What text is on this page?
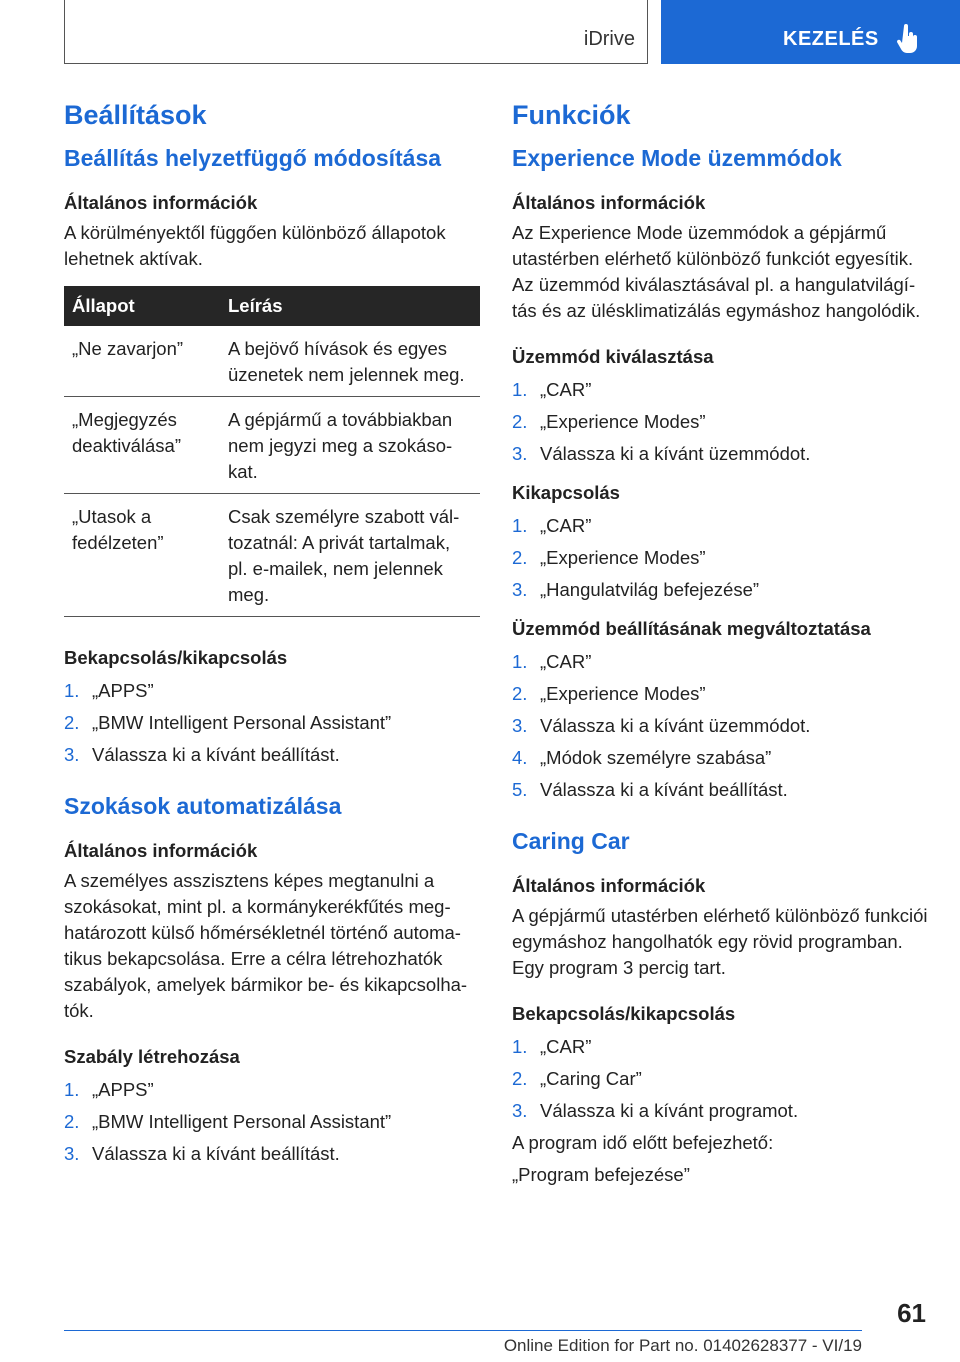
iDrive	KEZELÉS
Beállítások
Beállítás helyzetfüggő módosítása
Általános információk

A körülményektől függően különböző állapotok lehetnek aktívak.

Állapot	Leírás
„Ne zavarjon”	A bejövő hívások és egyes üzenetek nem jelennek meg.
„Megjegyzés deaktiválása”	A gépjármű a továbbiakban nem jegyzi meg a szokásokat.
„Utasok a fedélzeten”	Csak személyre szabott változatnál: A privát tartalmak, pl. e-mailek, nem jelennek meg.
Bekapcsolás/kikapcsolás
1. „APPS”
2. „BMW Intelligent Personal Assistant”
3. Válassza ki a kívánt beállítást.
Szokások automatizálása
Általános információk

A személyes asszisztens képes megtanulni a szokásokat, mint pl. a kormánykerékfűtés meghatározott külső hőmérsékletnél történő automatikus bekapcsolása. Erre a célra létrehozhatók szabályok, amelyek bármikor be- és kikapcsolhatók.

Szabály létrehozása
1. „APPS”
2. „BMW Intelligent Personal Assistant”
3. Válassza ki a kívánt beállítást.
Funkciók
Experience Mode üzemmódok
Általános információk

Az Experience Mode üzemmódok a gépjármű utastérben elérhető különböző funkciót egyesítik. Az üzemmód kiválasztásával pl. a hangulatvilágítás és az ülésklimatizálás egymáshoz hangolódik.

Üzemmód kiválasztása
1. „CAR”
2. „Experience Modes”
3. Válassza ki a kívánt üzemmódot.
Kikapcsolás
1. „CAR”
2. „Experience Modes”
3. „Hangulatvilág befejezése”
Üzemmód beállításának megváltoztatása
1. „CAR”
2. „Experience Modes”
3. Válassza ki a kívánt üzemmódot.
4. „Módok személyre szabása”
5. Válassza ki a kívánt beállítást.
Caring Car
Általános információk

A gépjármű utastérben elérhető különböző funkciói egymáshoz hangolhatók egy rövid programban. Egy program 3 percig tart.

Bekapcsolás/kikapcsolás
1. „CAR”
2. „Caring Car”
3. Válassza ki a kívánt programot.

A program idő előtt befejezhető:

„Program befejezése”

61
Online Edition for Part no. 01402628377 - VI/19
